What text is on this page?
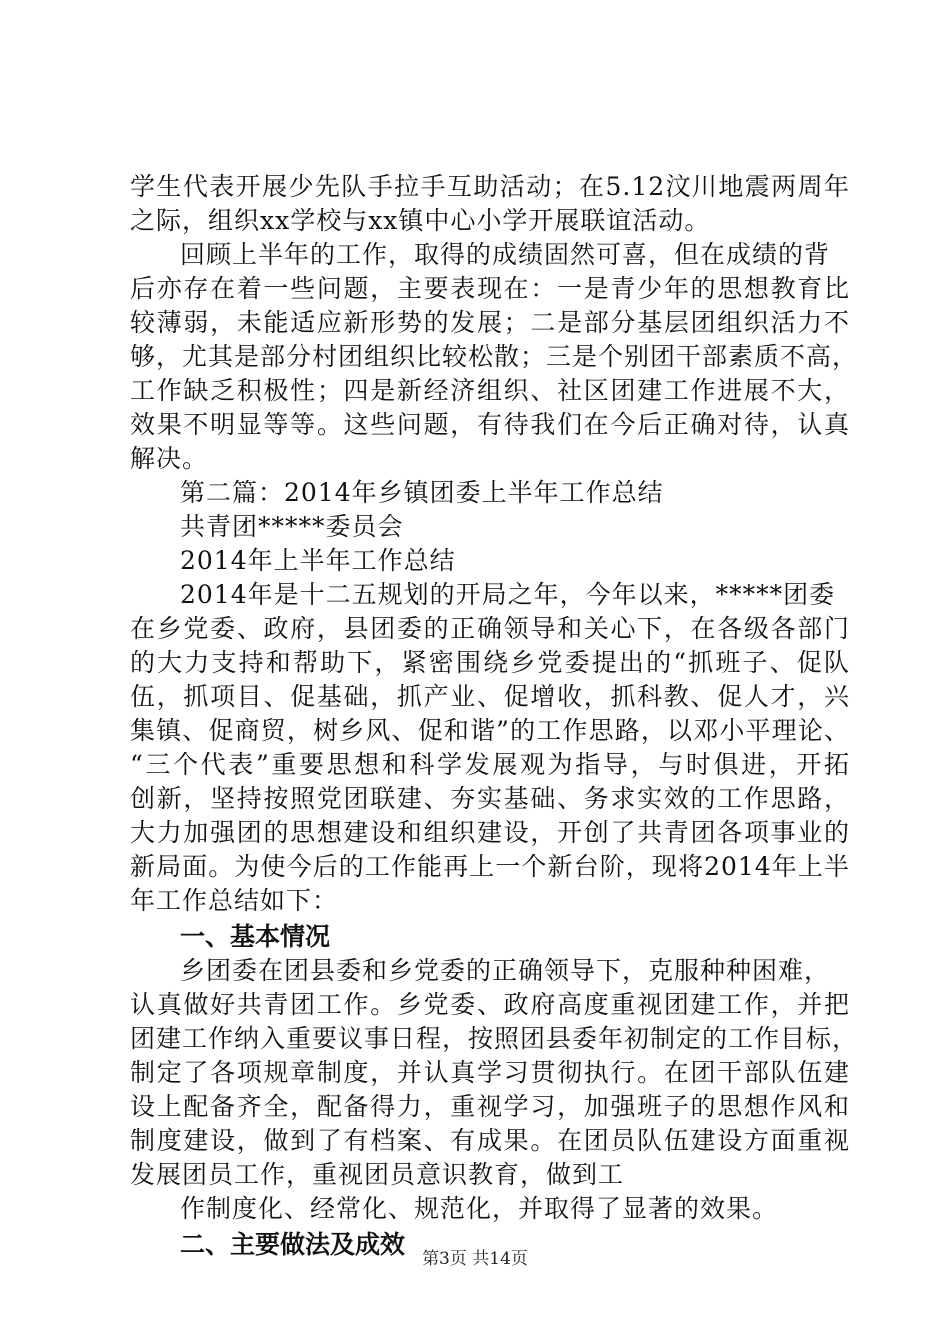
学生代表开展少先队手拉手互助活动；在5.12汶川地震两周年
之际，组织xx学校与xx镇中心小学开展联谊活动。
回顾上半年的工作，取得的成绩固然可喜，但在成绩的背
后亦存在着一些问题，主要表现在：一是青少年的思想教育比
较薄弱，未能适应新形势的发展；二是部分基层团组织活力不
够，尤其是部分村团组织比较松散；三是个别团干部素质不高，
工作缺乏积极性；四是新经济组织、社区团建工作进展不大，
效果不明显等等。这些问题，有待我们在今后正确对待，认真
解决。
第二篇：2014年乡镇团委上半年工作总结
共青团*****委员会
2014年上半年工作总结
2014年是十二五规划的开局之年，今年以来，*****团委
在乡党委、政府，县团委的正确领导和关心下，在各级各部门
的大力支持和帮助下，紧密围绕乡党委提出的“抓班子、促队
伍，抓项目、促基础，抓产业、促增收，抓科教、促人才，兴
集镇、促商贸，树乡风、促和谐”的工作思路，以邓小平理论、
“三个代表”重要思想和科学发展观为指导，与时俱进，开拓
创新，坚持按照党团联建、夯实基础、务求实效的工作思路，
大力加强团的思想建设和组织建设，开创了共青团各项事业的
新局面。为使今后的工作能再上一个新台阶，现将2014年上半
年工作总结如下：
一、基本情况
乡团委在团县委和乡党委的正确领导下，克服种种困难，
认真做好共青团工作。乡党委、政府高度重视团建工作，并把
团建工作纳入重要议事日程，按照团县委年初制定的工作目标，
制定了各项规章制度，并认真学习贯彻执行。在团干部队伍建
设上配备齐全，配备得力，重视学习，加强班子的思想作风和
制度建设，做到了有档案、有成果。在团员队伍建设方面重视
发展团员工作，重视团员意识教育，做到工
作制度化、经常化、规范化，并取得了显著的效果。
二、主要做法及成效	第3页 共14页
